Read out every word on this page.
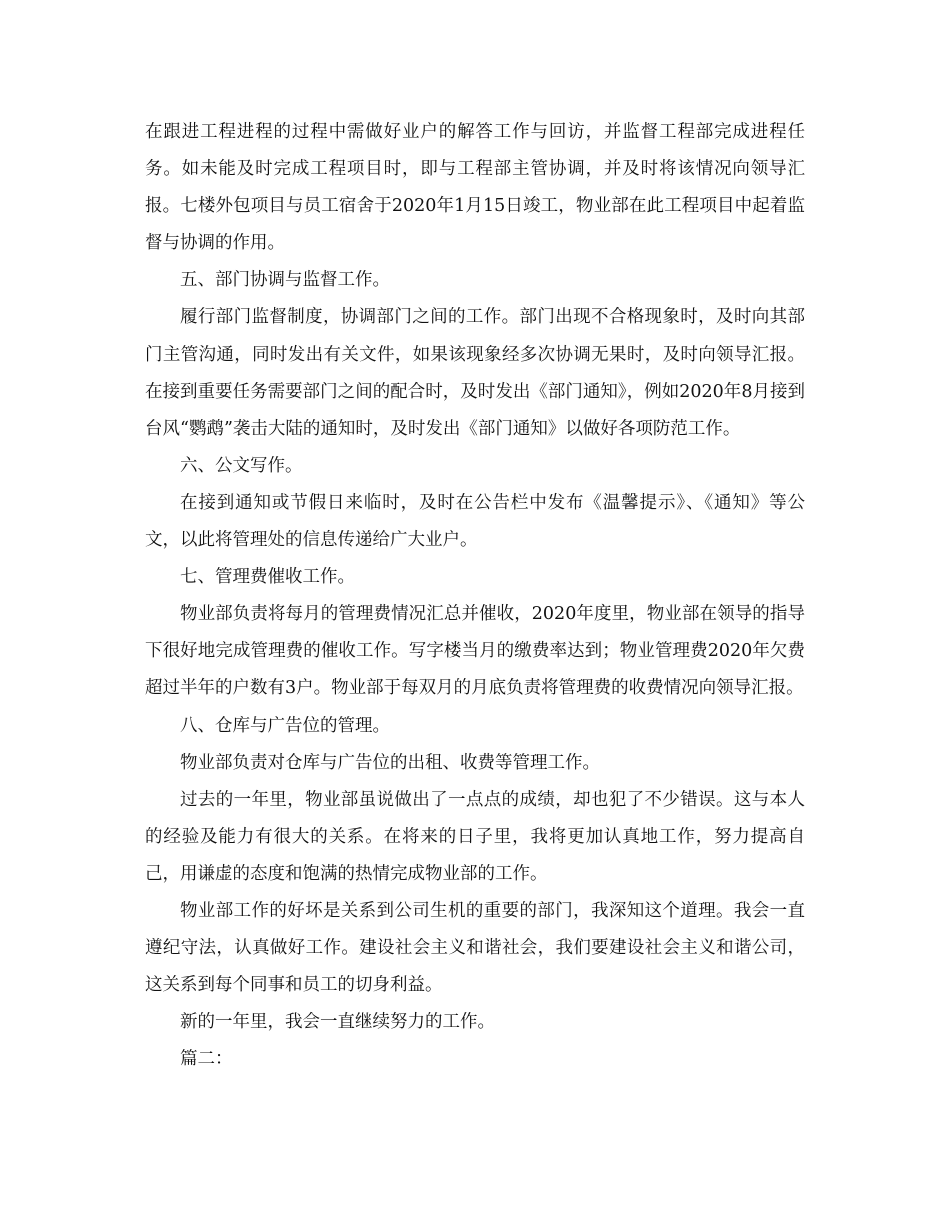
在跟进工程进程的过程中需做好业户的解答工作与回访，并监督工程部完成进程任务。如未能及时完成工程项目时，即与工程部主管协调，并及时将该情况向领导汇报。七楼外包项目与员工宿舍于2020年1月15日竣工，物业部在此工程项目中起着监督与协调的作用。

五、部门协调与监督工作。

履行部门监督制度，协调部门之间的工作。部门出现不合格现象时，及时向其部门主管沟通，同时发出有关文件，如果该现象经多次协调无果时，及时向领导汇报。在接到重要任务需要部门之间的配合时，及时发出《部门通知》，例如2020年8月接到台风“鹦鹉”袭击大陆的通知时，及时发出《部门通知》以做好各项防范工作。

六、公文写作。

在接到通知或节假日来临时，及时在公告栏中发布《温馨提示》、《通知》等公文，以此将管理处的信息传递给广大业户。

七、管理费催收工作。

物业部负责将每月的管理费情况汇总并催收，2020年度里，物业部在领导的指导下很好地完成管理费的催收工作。写字楼当月的缴费率达到；物业管理费2020年欠费超过半年的户数有3户。物业部于每双月的月底负责将管理费的收费情况向领导汇报。

八、仓库与广告位的管理。

物业部负责对仓库与广告位的出租、收费等管理工作。

过去的一年里，物业部虽说做出了一点点的成绩，却也犯了不少错误。这与本人的经验及能力有很大的关系。在将来的日子里，我将更加认真地工作，努力提高自己，用谦虚的态度和饱满的热情完成物业部的工作。

物业部工作的好坏是关系到公司生机的重要的部门，我深知这个道理。我会一直遵纪守法，认真做好工作。建设社会主义和谐社会，我们要建设社会主义和谐公司，这关系到每个同事和员工的切身利益。

新的一年里，我会一直继续努力的工作。

篇二：
